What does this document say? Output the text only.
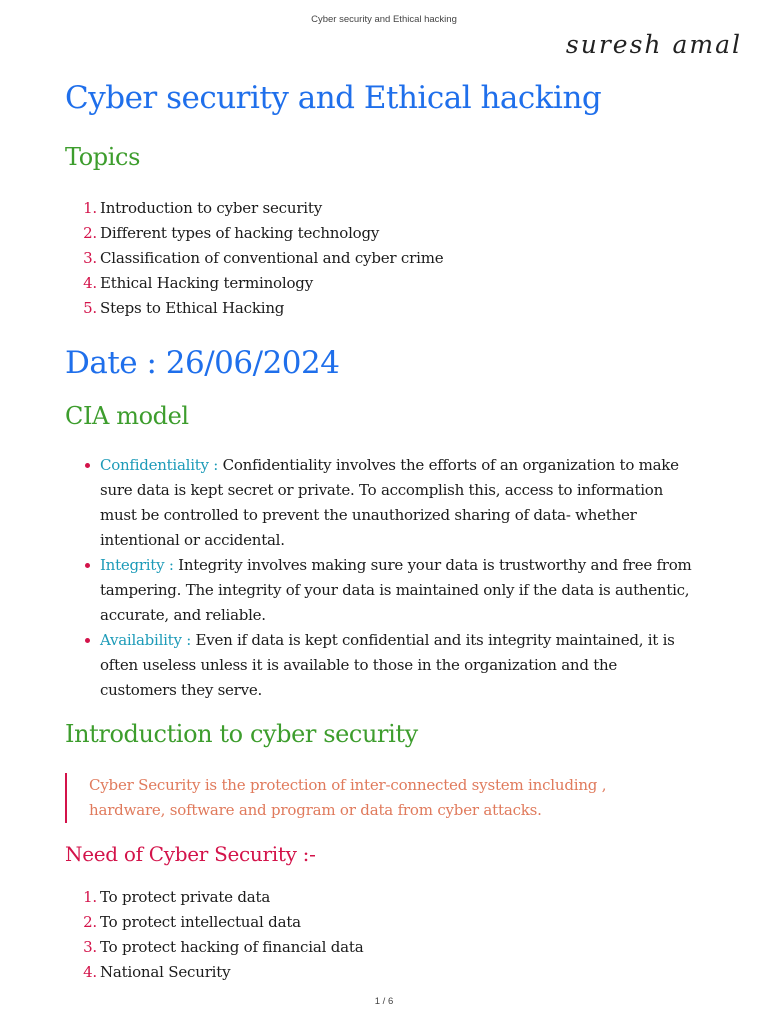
Cyber security and Ethical hacking
suresh amal
Cyber security and Ethical hacking
Topics
1. Introduction to cyber security
2. Different types of hacking technology
3. Classification of conventional and cyber crime
4. Ethical Hacking terminology
5. Steps to Ethical Hacking
Date : 26/06/2024
CIA model
Confidentiality : Confidentiality involves the efforts of an organization to make sure data is kept secret or private. To accomplish this, access to information must be controlled to prevent the unauthorized sharing of data- whether intentional or accidental.
Integrity : Integrity involves making sure your data is trustworthy and free from tampering. The integrity of your data is maintained only if the data is authentic, accurate, and reliable.
Availability : Even if data is kept confidential and its integrity maintained, it is often useless unless it is available to those in the organization and the customers they serve.
Introduction to cyber security
Cyber Security is the protection of inter-connected system including , hardware, software and program or data from cyber attacks.
Need of Cyber Security :-
1. To protect private data
2. To protect intellectual data
3. To protect hacking of financial data
4. National Security
1 / 6
